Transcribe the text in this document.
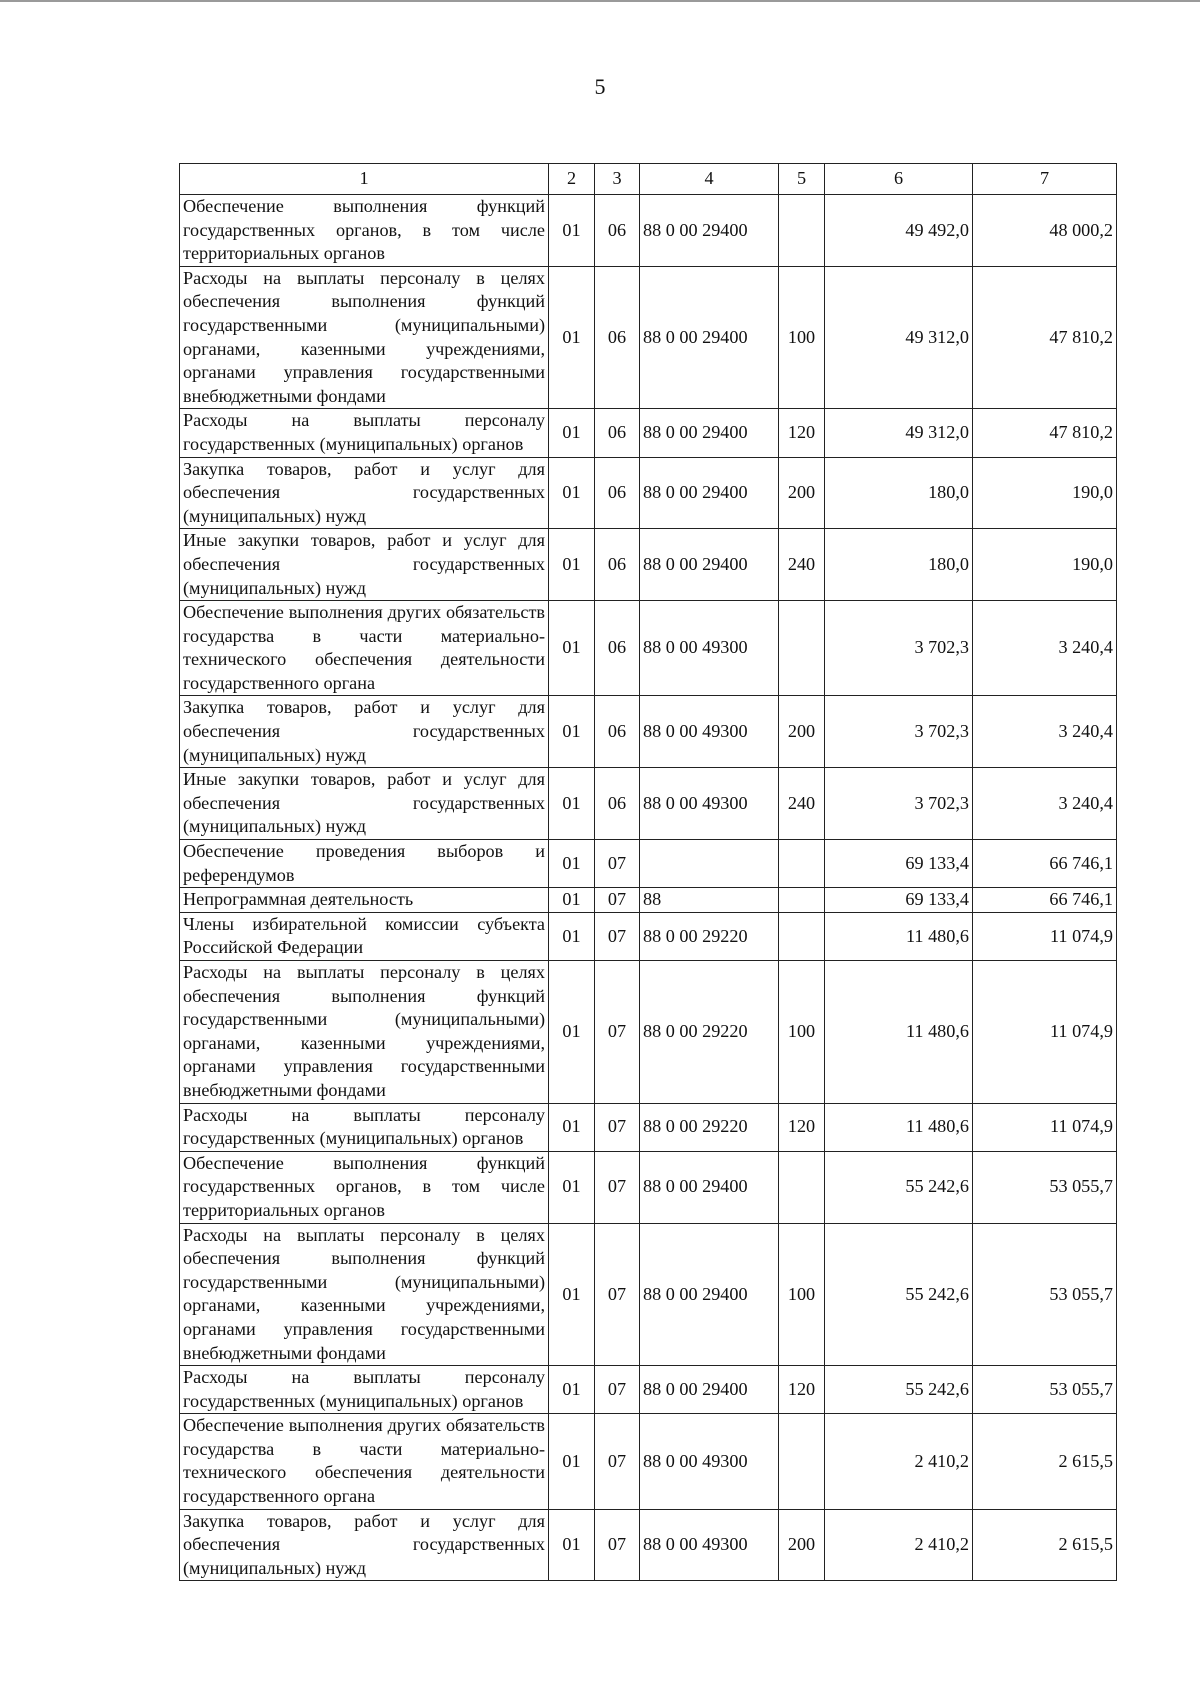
5
1	2	3	4	5	6	7
Обеспечение выполнения функций государственных органов, в том числе территориальных органов	01	06	88 0 00 29400		49 492,0	48 000,2
Расходы на выплаты персоналу в целях обеспечения выполнения функций государственными (муниципальными) органами, казенными учреждениями, органами управления государственными внебюджетными фондами	01	06	88 0 00 29400	100	49 312,0	47 810,2
Расходы на выплаты персоналу государственных (муниципальных) органов	01	06	88 0 00 29400	120	49 312,0	47 810,2
Закупка товаров, работ и услуг для обеспечения государственных (муниципальных) нужд	01	06	88 0 00 29400	200	180,0	190,0
Иные закупки товаров, работ и услуг для обеспечения государственных (муниципальных) нужд	01	06	88 0 00 29400	240	180,0	190,0
Обеспечение выполнения других обязательств государства в части материально-технического обеспечения деятельности государственного органа	01	06	88 0 00 49300		3 702,3	3 240,4
Закупка товаров, работ и услуг для обеспечения государственных (муниципальных) нужд	01	06	88 0 00 49300	200	3 702,3	3 240,4
Иные закупки товаров, работ и услуг для обеспечения государственных (муниципальных) нужд	01	06	88 0 00 49300	240	3 702,3	3 240,4
Обеспечение проведения выборов и референдумов	01	07			69 133,4	66 746,1
Непрограммная деятельность	01	07	88		69 133,4	66 746,1
Члены избирательной комиссии субъекта Российской Федерации	01	07	88 0 00 29220		11 480,6	11 074,9
Расходы на выплаты персоналу в целях обеспечения выполнения функций государственными (муниципальными) органами, казенными учреждениями, органами управления государственными внебюджетными фондами	01	07	88 0 00 29220	100	11 480,6	11 074,9
Расходы на выплаты персоналу государственных (муниципальных) органов	01	07	88 0 00 29220	120	11 480,6	11 074,9
Обеспечение выполнения функций государственных органов, в том числе территориальных органов	01	07	88 0 00 29400		55 242,6	53 055,7
Расходы на выплаты персоналу в целях обеспечения выполнения функций государственными (муниципальными) органами, казенными учреждениями, органами управления государственными внебюджетными фондами	01	07	88 0 00 29400	100	55 242,6	53 055,7
Расходы на выплаты персоналу государственных (муниципальных) органов	01	07	88 0 00 29400	120	55 242,6	53 055,7
Обеспечение выполнения других обязательств государства в части материально-технического обеспечения деятельности государственного органа	01	07	88 0 00 49300		2 410,2	2 615,5
Закупка товаров, работ и услуг для обеспечения государственных (муниципальных) нужд	01	07	88 0 00 49300	200	2 410,2	2 615,5
